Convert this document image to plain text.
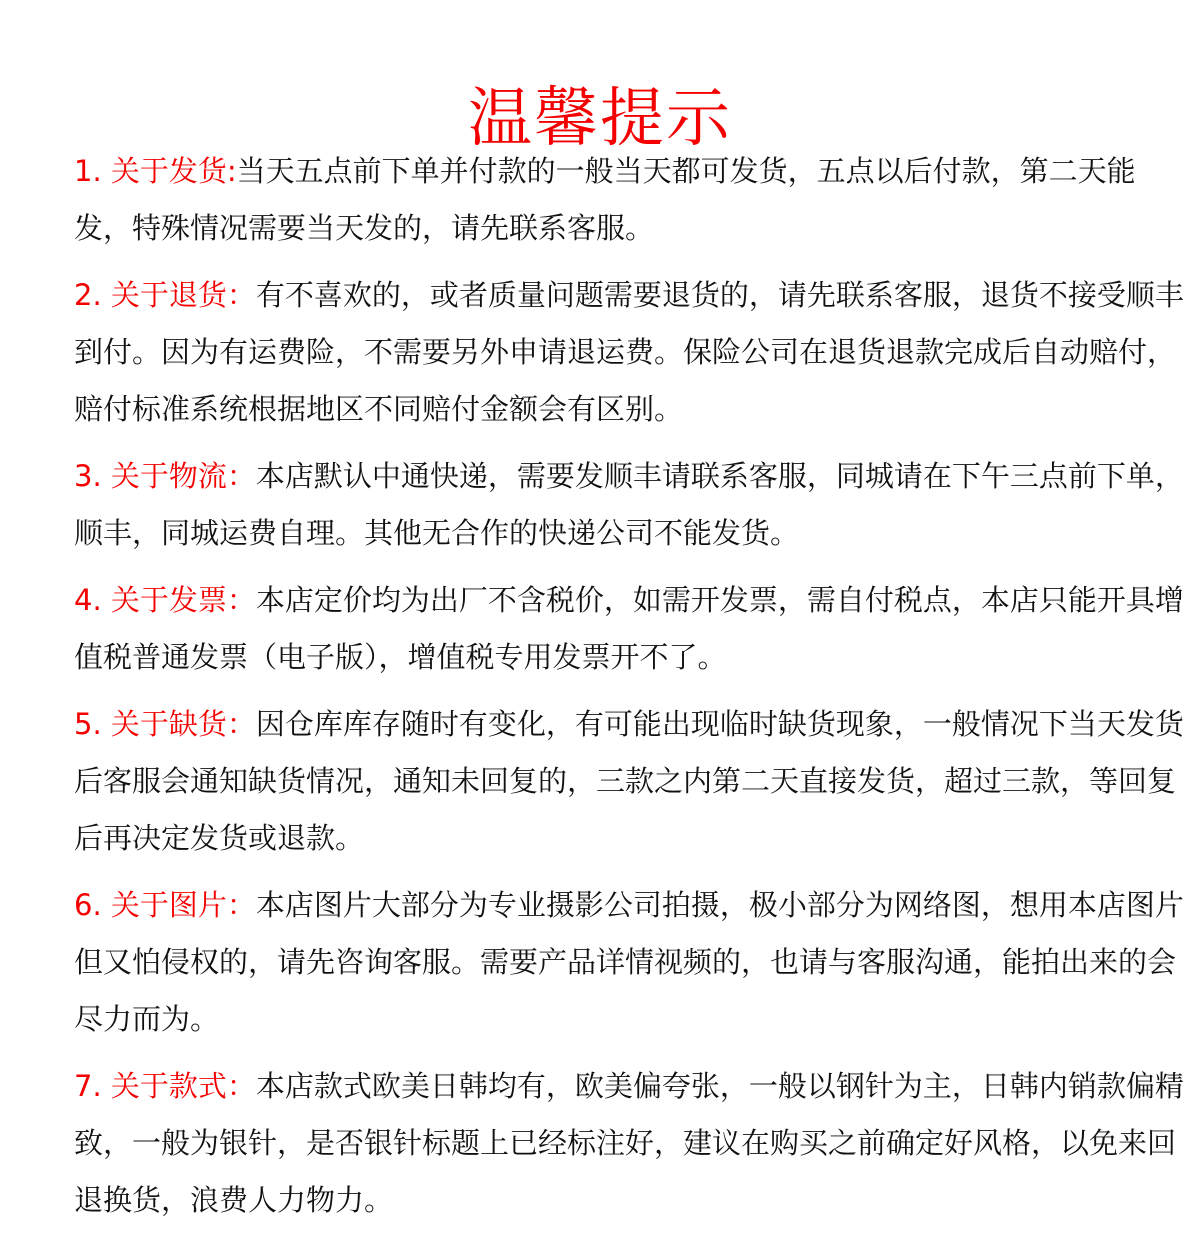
温馨提示

1. 关于发货:当天五点前下单并付款的一般当天都可发货，五点以后付款，第二天能发，特殊情况需要当天发的，请先联系客服。

2. 关于退货：有不喜欢的，或者质量问题需要退货的，请先联系客服，退货不接受顺丰到付。因为有运费险，不需要另外申请退运费。保险公司在退货退款完成后自动赔付，赔付标准系统根据地区不同赔付金额会有区别。

3. 关于物流：本店默认中通快递，需要发顺丰请联系客服，同城请在下午三点前下单，顺丰，同城运费自理。其他无合作的快递公司不能发货。

4. 关于发票：本店定价均为出厂不含税价，如需开发票，需自付税点，本店只能开具增值税普通发票（电子版），增值税专用发票开不了。

5. 关于缺货：因仓库库存随时有变化，有可能出现临时缺货现象，一般情况下当天发货后客服会通知缺货情况，通知未回复的，三款之内第二天直接发货，超过三款，等回复后再决定发货或退款。

6. 关于图片：本店图片大部分为专业摄影公司拍摄，极小部分为网络图，想用本店图片但又怕侵权的，请先咨询客服。需要产品详情视频的，也请与客服沟通，能拍出来的会尽力而为。

7. 关于款式：本店款式欧美日韩均有，欧美偏夸张，一般以钢针为主，日韩内销款偏精致，一般为银针，是否银针标题上已经标注好，建议在购买之前确定好风格，以免来回退换货，浪费人力物力。
